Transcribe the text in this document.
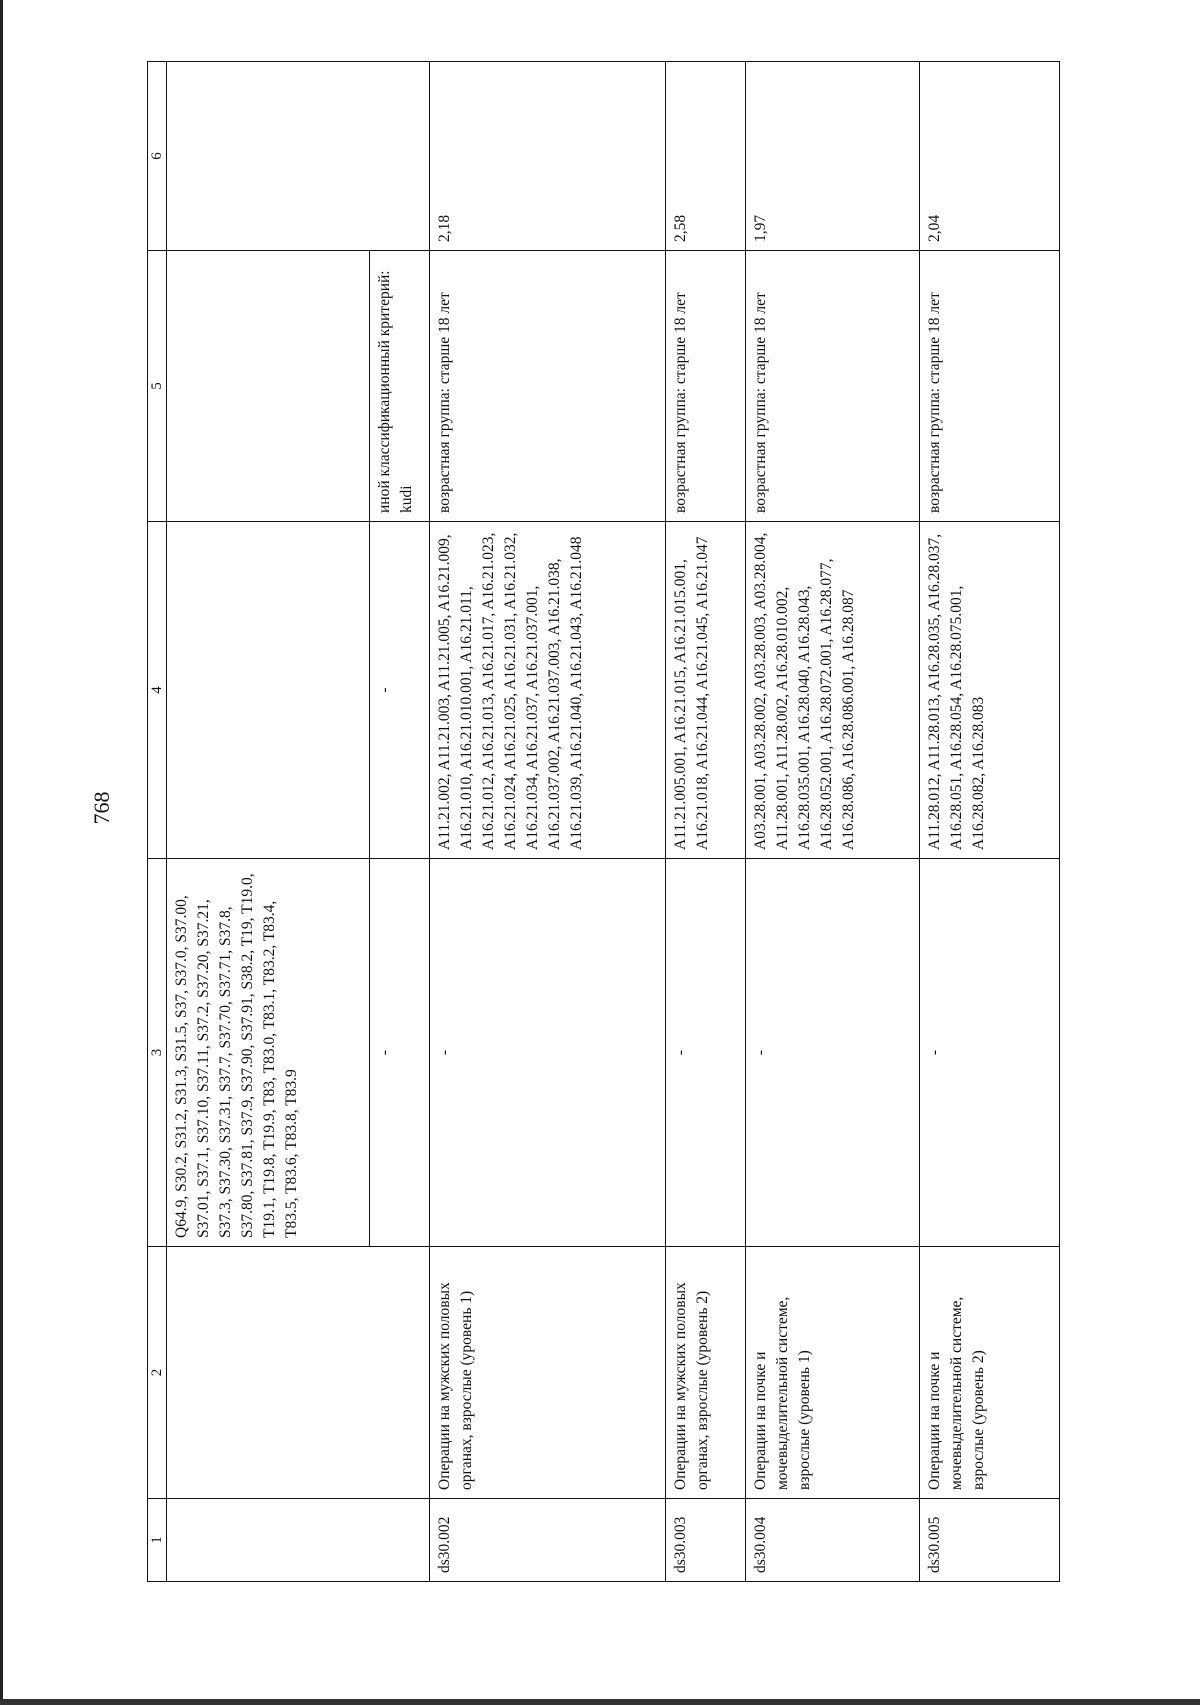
768
1	2	3	4	5	6
		Q64.9, S30.2, S31.2, S31.3, S31.5, S37, S37.0, S37.00, S37.01, S37.1, S37.10, S37.11, S37.2, S37.20, S37.21, S37.3, S37.30, S37.31, S37.7, S37.70, S37.71, S37.8, S37.80, S37.81, S37.9, S37.90, S37.91, S38.2, T19, T19.0, T19.1, T19.8, T19.9, T83, T83.0, T83.1, T83.2, T83.4, T83.5, T83.6, T83.8, T83.9			
		-	-	иной классификационный критерий: kudi	
ds30.002	Операции на мужских половых органах, взрослые (уровень 1)	-	A11.21.002, A11.21.003, A11.21.005, A16.21.009, A16.21.010, A16.21.010.001, A16.21.011, A16.21.012, A16.21.013, A16.21.017, A16.21.023, A16.21.024, A16.21.025, A16.21.031, A16.21.032, A16.21.034, A16.21.037, A16.21.037.001, A16.21.037.002, A16.21.037.003, A16.21.038, A16.21.039, A16.21.040, A16.21.043, A16.21.048	возрастная группа: старше 18 лет	2,18
ds30.003	Операции на мужских половых органах, взрослые (уровень 2)	-	A11.21.005.001, A16.21.015, A16.21.015.001, A16.21.018, A16.21.044, A16.21.045, A16.21.047	возрастная группа: старше 18 лет	2,58
ds30.004	Операции на почке и мочевыделительной системе, взрослые (уровень 1)	-	A03.28.001, A03.28.002, A03.28.003, A03.28.004, A11.28.001, A11.28.002, A16.28.010.002, A16.28.035.001, A16.28.040, A16.28.043, A16.28.052.001, A16.28.072.001, A16.28.077, A16.28.086, A16.28.086.001, A16.28.087	возрастная группа: старше 18 лет	1,97
ds30.005	Операции на почке и мочевыделительной системе, взрослые (уровень 2)	-	A11.28.012, A11.28.013, A16.28.035, A16.28.037, A16.28.051, A16.28.054, A16.28.075.001, A16.28.082, A16.28.083	возрастная группа: старше 18 лет	2,04
